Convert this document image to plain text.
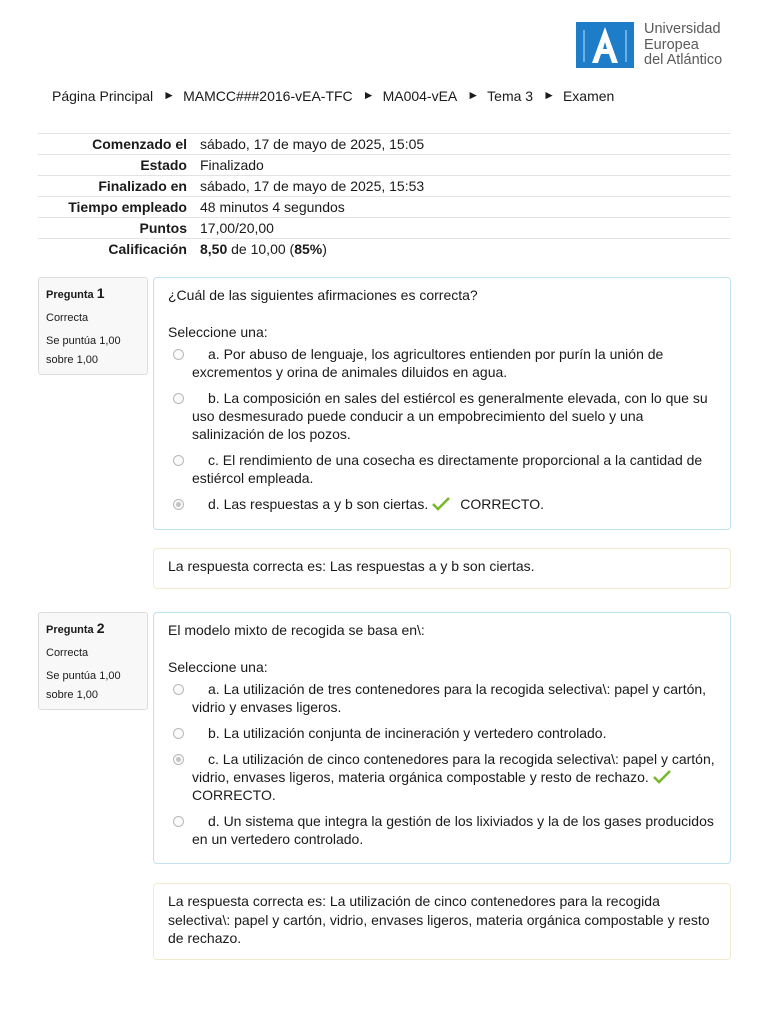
Universidad
Europea
del Atlántico
Página Principal ► MAMCC###2016-vEA-TFC ► MA004-vEA ► Tema 3 ► Examen
Comenzado el	sábado, 17 de mayo de 2025, 15:05
Estado	Finalizado
Finalizado en	sábado, 17 de mayo de 2025, 15:53
Tiempo empleado	48 minutos 4 segundos
Puntos	17,00/20,00
Calificación	8,50 de 10,00 (85%)
Pregunta 1
Correcta
Se puntúa 1,00 sobre 1,00
¿Cuál de las siguientes afirmaciones es correcta?
Seleccione una:
a. Por abuso de lenguaje, los agricultores entienden por purín la unión de excrementos y orina de animales diluidos en agua.
b. La composición en sales del estiércol es generalmente elevada, con lo que su uso desmesurado puede conducir a un empobrecimiento del suelo y una salinización de los pozos.
c. El rendimiento de una cosecha es directamente proporcional a la cantidad de estiércol empleada.
d. Las respuestas a y b son ciertas. CORRECTO.
La respuesta correcta es: Las respuestas a y b son ciertas.
Pregunta 2
Correcta
Se puntúa 1,00 sobre 1,00
El modelo mixto de recogida se basa en\:
Seleccione una:
a. La utilización de tres contenedores para la recogida selectiva\: papel y cartón, vidrio y envases ligeros.
b. La utilización conjunta de incineración y vertedero controlado.
c. La utilización de cinco contenedores para la recogida selectiva\: papel y cartón, vidrio, envases ligeros, materia orgánica compostable y resto de rechazo. CORRECTO.
d. Un sistema que integra la gestión de los lixiviados y la de los gases producidos en un vertedero controlado.
La respuesta correcta es: La utilización de cinco contenedores para la recogida selectiva\: papel y cartón, vidrio, envases ligeros, materia orgánica compostable y resto de rechazo.
